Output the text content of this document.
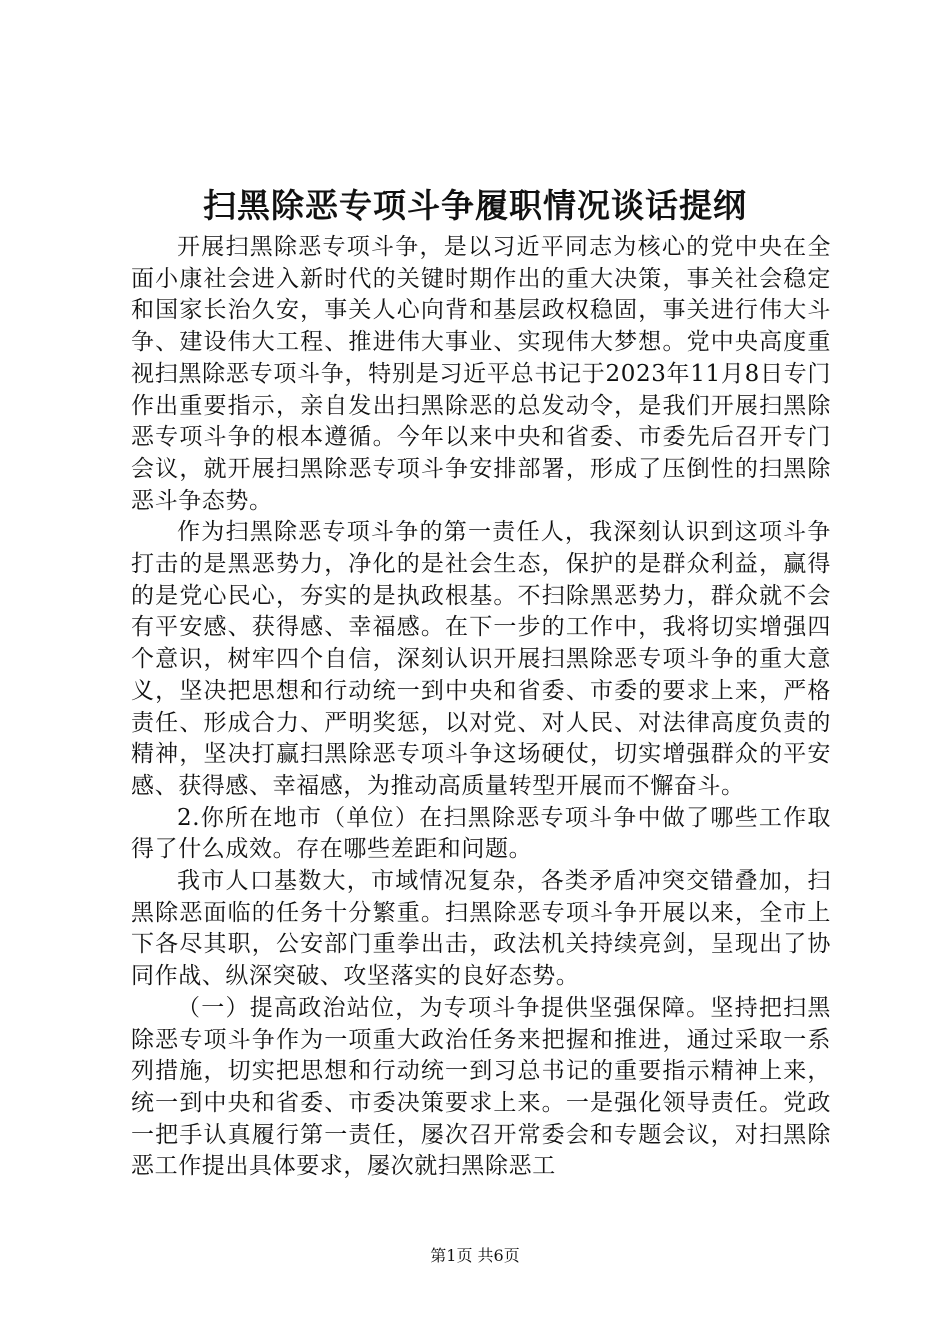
扫黑除恶专项斗争履职情况谈话提纲

开展扫黑除恶专项斗争，是以习近平同志为核心的党中央在全面小康社会进入新时代的关键时期作出的重大决策，事关社会稳定和国家长治久安，事关人心向背和基层政权稳固，事关进行伟大斗争、建设伟大工程、推进伟大事业、实现伟大梦想。党中央高度重视扫黑除恶专项斗争，特别是习近平总书记于2023年11月8日专门作出重要指示，亲自发出扫黑除恶的总发动令，是我们开展扫黑除恶专项斗争的根本遵循。今年以来中央和省委、市委先后召开专门会议，就开展扫黑除恶专项斗争安排部署，形成了压倒性的扫黑除恶斗争态势。

作为扫黑除恶专项斗争的第一责任人，我深刻认识到这项斗争打击的是黑恶势力，净化的是社会生态，保护的是群众利益，赢得的是党心民心，夯实的是执政根基。不扫除黑恶势力，群众就不会有平安感、获得感、幸福感。在下一步的工作中，我将切实增强四个意识，树牢四个自信，深刻认识开展扫黑除恶专项斗争的重大意义，坚决把思想和行动统一到中央和省委、市委的要求上来，严格责任、形成合力、严明奖惩，以对党、对人民、对法律高度负责的精神，坚决打赢扫黑除恶专项斗争这场硬仗，切实增强群众的平安感、获得感、幸福感，为推动高质量转型开展而不懈奋斗。

2.你所在地市（单位）在扫黑除恶专项斗争中做了哪些工作取得了什么成效。存在哪些差距和问题。

我市人口基数大，市域情况复杂，各类矛盾冲突交错叠加，扫黑除恶面临的任务十分繁重。扫黑除恶专项斗争开展以来，全市上下各尽其职，公安部门重拳出击，政法机关持续亮剑，呈现出了协同作战、纵深突破、攻坚落实的良好态势。

（一）提高政治站位，为专项斗争提供坚强保障。坚持把扫黑除恶专项斗争作为一项重大政治任务来把握和推进，通过采取一系列措施，切实把思想和行动统一到习总书记的重要指示精神上来，统一到中央和省委、市委决策要求上来。一是强化领导责任。党政一把手认真履行第一责任，屡次召开常委会和专题会议，对扫黑除恶工作提出具体要求，屡次就扫黑除恶工

第1页 共6页
